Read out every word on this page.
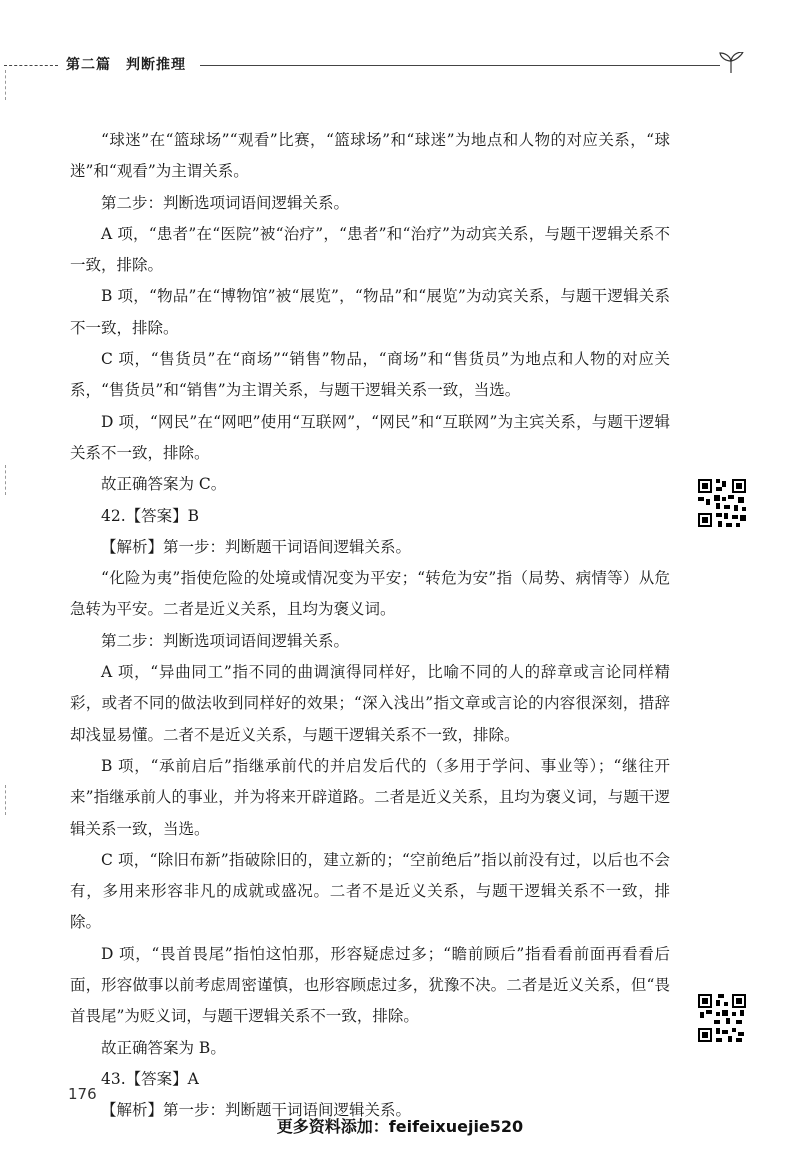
第二篇　判断推理

“球迷”在“篮球场”“观看”比赛，“篮球场”和“球迷”为地点和人物的对应关系，“球迷”和“观看”为主谓关系。

第二步：判断选项词语间逻辑关系。

A 项，“患者”在“医院”被“治疗”，“患者”和“治疗”为动宾关系，与题干逻辑关系不一致，排除。

B 项，“物品”在“博物馆”被“展览”，“物品”和“展览”为动宾关系，与题干逻辑关系不一致，排除。

C 项，“售货员”在“商场”“销售”物品，“商场”和“售货员”为地点和人物的对应关系，“售货员”和“销售”为主谓关系，与题干逻辑关系一致，当选。

D 项，“网民”在“网吧”使用“互联网”，“网民”和“互联网”为主宾关系，与题干逻辑关系不一致，排除。

故正确答案为 C。

42.【答案】B

【解析】第一步：判断题干词语间逻辑关系。

“化险为夷”指使危险的处境或情况变为平安；“转危为安”指（局势、病情等）从危急转为平安。二者是近义关系，且均为褒义词。

第二步：判断选项词语间逻辑关系。

A 项，“异曲同工”指不同的曲调演得同样好，比喻不同的人的辞章或言论同样精彩，或者不同的做法收到同样好的效果；“深入浅出”指文章或言论的内容很深刻，措辞却浅显易懂。二者不是近义关系，与题干逻辑关系不一致，排除。

B 项，“承前启后”指继承前代的并启发后代的（多用于学问、事业等）；“继往开来”指继承前人的事业，并为将来开辟道路。二者是近义关系，且均为褒义词，与题干逻辑关系一致，当选。

C 项，“除旧布新”指破除旧的，建立新的；“空前绝后”指以前没有过，以后也不会有，多用来形容非凡的成就或盛况。二者不是近义关系，与题干逻辑关系不一致，排除。

D 项，“畏首畏尾”指怕这怕那，形容疑虑过多；“瞻前顾后”指看看前面再看看后面，形容做事以前考虑周密谨慎，也形容顾虑过多，犹豫不决。二者是近义关系，但“畏首畏尾”为贬义词，与题干逻辑关系不一致，排除。

故正确答案为 B。

43.【答案】A

【解析】第一步：判断题干词语间逻辑关系。

176
更多资料添加：feifeixuejie520
